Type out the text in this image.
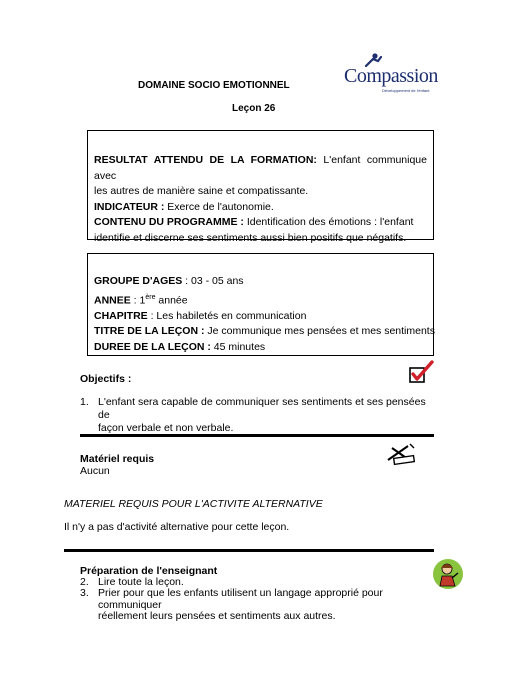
DOMAINE SOCIO EMOTIONNEL
Leçon 26
Compassion
Développement de l'enfant

RESULTAT ATTENDU DE LA FORMATION: L'enfant communique avec

les autres de manière saine et compatissante.

INDICATEUR : Exerce de l'autonomie.

CONTENU DU PROGRAMME : Identification des émotions : l'enfant

identifie et discerne ses sentiments aussi bien positifs que négatifs.

GROUPE D'AGES : 03 - 05 ans
ANNEE : 1ère année
CHAPITRE : Les habiletés en communication
TITRE DE LA LEÇON : Je communique mes pensées et mes sentiments
DUREE DE LA LEÇON : 45 minutes
Objectifs :
1. L'enfant sera capable de communiquer ses sentiments et ses pensées de
façon verbale et non verbale.
Matériel requis
Aucun
MATERIEL REQUIS POUR L'ACTIVITE ALTERNATIVE
Il n'y a pas d'activité alternative pour cette leçon.
Préparation de l'enseignant
2. Lire toute la leçon.
3. Prier pour que les enfants utilisent un langage approprié pour communiquer
réellement leurs pensées et sentiments aux autres.
